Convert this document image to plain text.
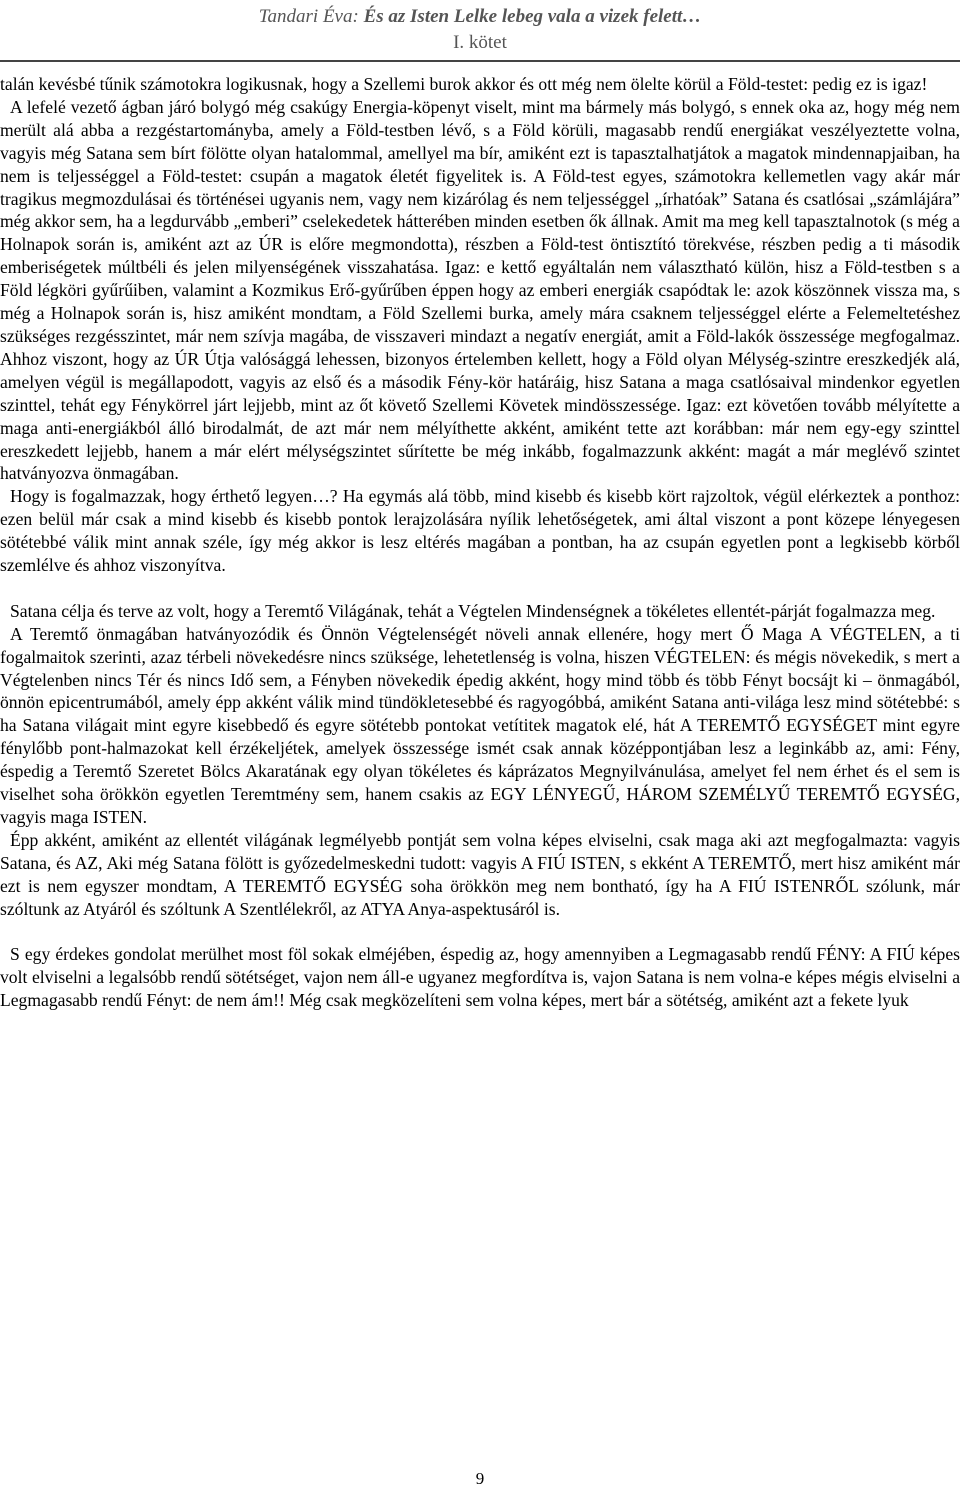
Tandari Éva: És az Isten Lelke lebeg vala a vizek felett…
I. kötet

talán kevésbé tűnik számotokra logikusnak, hogy a Szellemi burok akkor és ott még nem ölelte körül a Föld-testet: pedig ez is igaz!

A lefelé vezető ágban járó bolygó még csakúgy Energia-köpenyt viselt, mint ma bármely más bolygó, s ennek oka az, hogy még nem merült alá abba a rezgéstartományba, amely a Föld-testben lévő, s a Föld körüli, magasabb rendű energiákat veszélyeztette volna, vagyis még Satana sem bírt fölötte olyan hatalommal, amellyel ma bír, amiként ezt is tapasztalhatjátok a magatok mindennapjaiban, ha nem is teljességgel a Föld-testet: csupán a magatok életét figyelitek is. A Föld-test egyes, számotokra kellemetlen vagy akár már tragikus megmozdulásai és történései ugyanis nem, vagy nem kizárólag és nem teljességgel „írhatóak” Satana és csatlósai „számlájára” még akkor sem, ha a legdurvább „emberi” cselekedetek hátterében minden esetben ők állnak. Amit ma meg kell tapasztalnotok (s még a Holnapok során is, amiként azt az ÚR is előre megmondotta), részben a Föld-test öntisztító törekvése, részben pedig a ti második emberiségetek múltbéli és jelen milyenségének visszahatása. Igaz: e kettő egyáltalán nem választható külön, hisz a Föld-testben s a Föld légköri gyűrűiben, valamint a Kozmikus Erő-gyűrűben éppen hogy az emberi energiák csapódtak le: azok köszönnek vissza ma, s még a Holnapok során is, hisz amiként mondtam, a Föld Szellemi burka, amely mára csaknem teljességgel elérte a Felemeltetéshez szükséges rezgésszintet, már nem szívja magába, de visszaveri mindazt a negatív energiát, amit a Föld-lakók összessége megfogalmaz. Ahhoz viszont, hogy az ÚR Útja valósággá lehessen, bizonyos értelemben kellett, hogy a Föld olyan Mélység-szintre ereszkedjék alá, amelyen végül is megállapodott, vagyis az első és a második Fény-kör határáig, hisz Satana a maga csatlósaival mindenkor egyetlen szinttel, tehát egy Fénykörrel járt lejjebb, mint az őt követő Szellemi Követek mindösszessége. Igaz: ezt követően tovább mélyítette a maga anti-energiákból álló birodalmát, de azt már nem mélyíthette akként, amiként tette azt korábban: már nem egy-egy szinttel ereszkedett lejjebb, hanem a már elért mélységszintet sűrítette be még inkább, fogalmazzunk akként: magát a már meglévő szintet hatványozva önmagában.

Hogy is fogalmazzak, hogy érthető legyen…? Ha egymás alá több, mind kisebb és kisebb kört rajzoltok, végül elérkeztek a ponthoz: ezen belül már csak a mind kisebb és kisebb pontok lerajzolására nyílik lehetőségetek, ami által viszont a pont közepe lényegesen sötétebbé válik mint annak széle, így még akkor is lesz eltérés magában a pontban, ha az csupán egyetlen pont a legkisebb körből szemlélve és ahhoz viszonyítva.

Satana célja és terve az volt, hogy a Teremtő Világának, tehát a Végtelen Mindenségnek a tökéletes ellentét-párját fogalmazza meg.

A Teremtő önmagában hatványozódik és Önnön Végtelenségét növeli annak ellenére, hogy mert Ő Maga A VÉGTELEN, a ti fogalmaitok szerinti, azaz térbeli növekedésre nincs szüksége, lehetetlenség is volna, hiszen VÉGTELEN: és mégis növekedik, s mert a Végtelenben nincs Tér és nincs Idő sem, a Fényben növekedik épedig akként, hogy mind több és több Fényt bocsájt ki – önmagából, önnön epicentrumából, amely épp akként válik mind tündökletesebbé és ragyogóbbá, amiként Satana anti-világa lesz mind sötétebbé: s ha Satana világait mint egyre kisebbedő és egyre sötétebb pontokat vetítitek magatok elé, hát A TEREMTŐ EGYSÉGET mint egyre fénylőbb pont-halmazokat kell érzékeljétek, amelyek összessége ismét csak annak középpontjában lesz a leginkább az, ami: Fény, éspedig a Teremtő Szeretet Bölcs Akaratának egy olyan tökéletes és káprázatos Megnyilvánulása, amelyet fel nem érhet és el sem is viselhet soha örökkön egyetlen Teremtmény sem, hanem csakis az EGY LÉNYEGŰ, HÁROM SZEMÉLYŰ TEREMTŐ EGYSÉG, vagyis maga ISTEN.

Épp akként, amiként az ellentét világának legmélyebb pontját sem volna képes elviselni, csak maga aki azt megfogalmazta: vagyis Satana, és AZ, Aki még Satana fölött is győzedelmeskedni tudott: vagyis A FIÚ ISTEN, s ekként A TEREMTŐ, mert hisz amiként már ezt is nem egyszer mondtam, A TEREMTŐ EGYSÉG soha örökkön meg nem bontható, így ha A FIÚ ISTENRŐL szólunk, már szóltunk az Atyáról és szóltunk A Szentlélekről, az ATYA Anya-aspektusáról is.

S egy érdekes gondolat merülhet most föl sokak elméjében, éspedig az, hogy amennyiben a Legmagasabb rendű FÉNY: A FIÚ képes volt elviselni a legalsóbb rendű sötétséget, vajon nem áll-e ugyanez megfordítva is, vajon Satana is nem volna-e képes mégis elviselni a Legmagasabb rendű Fényt: de nem ám!! Még csak megközelíteni sem volna képes, mert bár a sötétség, amiként azt a fekete lyuk

9
